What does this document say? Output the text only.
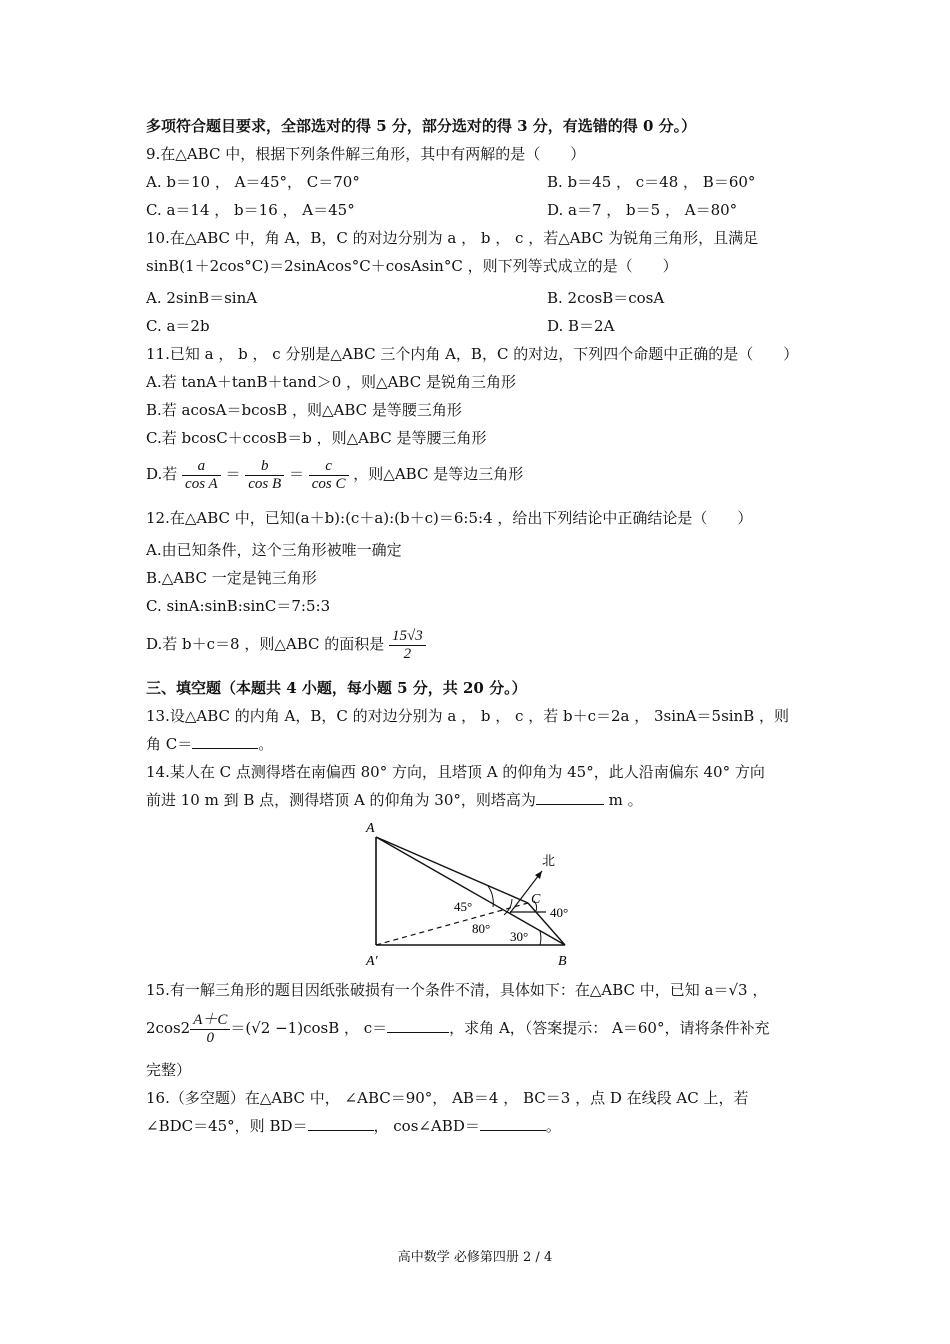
多项符合题目要求，全部选对的得 5 分，部分选对的得 3 分，有选错的得 0 分。）
9.在△ABC 中，根据下列条件解三角形，其中有两解的是（　　）
A. b＝10 ， A＝45°， C＝70°	B. b＝45 ， c＝48 ， B＝60°
C. a＝14 ， b＝16 ， A＝45°	D. a＝7 ， b＝5 ， A＝80°
10.在△ABC 中，角 A，B，C 的对边分别为 a ， b ， c ，若△ABC 为锐角三角形，且满足
sinB(1＋2cos°C)＝2sinAcos°C＋cosAsin°C ，则下列等式成立的是（　　）
A. 2sinB＝sinA	B. 2cosB＝cosA
C. a＝2b	D. B＝2A
11.已知 a ， b ， c 分别是△ABC 三个内角 A，B，C 的对边，下列四个命题中正确的是（　　）
A.若 tanA＋tanB＋tand＞0 ，则△ABC 是锐角三角形
B.若 acosA＝bcosB ，则△ABC 是等腰三角形
C.若 bcosC＋ccosB＝b ，则△ABC 是等腰三角形
D.若 $\frac{a}{\text{cos A}} = \frac{b}{\text{cos B}} = \frac{c}{\text{cos C}}$ ，则△ABC 是等边三角形
12.在△ABC 中，已知(a＋b):(c＋a):(b＋c)＝6:5:4 ，给出下列结论中正确结论是（　　）
A.由已知条件，这个三角形被唯一确定
B.△ABC 一定是钝三角形
C. sinA:sinB:sinC＝7:5:3
D.若 b＋c＝8 ，则△ABC 的面积是 $\frac{15√3}{2}$
三、填空题（本题共 4 小题，每小题 5 分，共 20 分。）
13.设△ABC 的内角 A，B，C 的对边分别为 a ， b ， c ，若 b＋c＝2a ， 3sinA＝5sinB ，则
角 C＝	。
14.某人在 C 点测得塔在南偏西 80° 方向，且塔顶 A 的仰角为 45°，此人沿南偏东 40° 方向
前进 10 m 到 B 点，测得塔顶 A 的仰角为 30°，则塔高为	m 。
A
A′	B
C
北
45°
80°
30°
40°
15.有一解三角形的题目因纸张破损有一个条件不清，具体如下：在△ABC 中，已知 a＝√3 ，
$2\cos 2 \frac{A+C}{0} =(√2 -1)\cos B$ ， c＝	，求角 A，（答案提示： A＝60°，请将条件补充
完整）
16.（多空题）在△ABC 中， ∠ABC＝90°， AB＝4 ， BC＝3 ，点 D 在线段 AC 上，若
∠BDC＝45°，则 BD＝	， cos∠ABD＝	。
高中数学 必修第四册 2 / 4
